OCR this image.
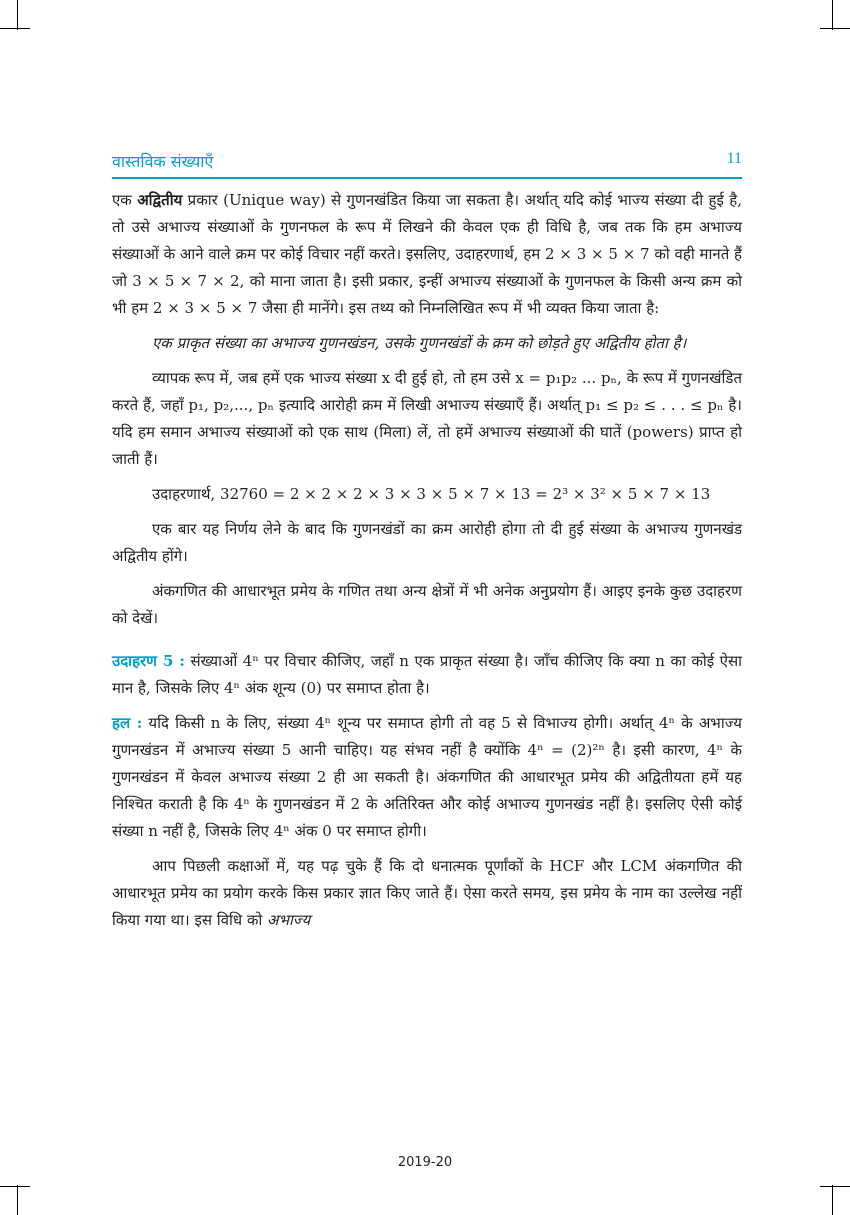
वास्तविक संख्याएँ	11

एक अद्वितीय प्रकार (Unique way) से गुणनखंडित किया जा सकता है। अर्थात् यदि कोई भाज्य संख्या दी हुई है, तो उसे अभाज्य संख्याओं के गुणनफल के रूप में लिखने की केवल एक ही विधि है, जब तक कि हम अभाज्य संख्याओं के आने वाले क्रम पर कोई विचार नहीं करते। इसलिए, उदाहरणार्थ, हम 2 × 3 × 5 × 7 को वही मानते हैं जो 3 × 5 × 7 × 2, को माना जाता है। इसी प्रकार, इन्हीं अभाज्य संख्याओं के गुणनफल के किसी अन्य क्रम को भी हम 2 × 3 × 5 × 7 जैसा ही मानेंगे। इस तथ्य को निम्नलिखित रूप में भी व्यक्त किया जाता है:

एक प्राकृत संख्या का अभाज्य गुणनखंडन, उसके गुणनखंडों के क्रम को छोड़ते हुए अद्वितीय होता है।

व्यापक रूप में, जब हमें एक भाज्य संख्या x दी हुई हो, तो हम उसे x = p₁p₂ ... pₙ, के रूप में गुणनखंडित करते हैं, जहाँ p₁, p₂,..., pₙ इत्यादि आरोही क्रम में लिखी अभाज्य संख्याएँ हैं। अर्थात् p₁ ≤ p₂ ≤ . . . ≤ pₙ है। यदि हम समान अभाज्य संख्याओं को एक साथ (मिला) लें, तो हमें अभाज्य संख्याओं की घातें (powers) प्राप्त हो जाती हैं।

उदाहरणार्थ, 32760 = 2 × 2 × 2 × 3 × 3 × 5 × 7 × 13 = 2³ × 3² × 5 × 7 × 13

एक बार यह निर्णय लेने के बाद कि गुणनखंडों का क्रम आरोही होगा तो दी हुई संख्या के अभाज्य गुणनखंड अद्वितीय होंगे।

अंकगणित की आधारभूत प्रमेय के गणित तथा अन्य क्षेत्रों में भी अनेक अनुप्रयोग हैं। आइए इनके कुछ उदाहरण को देखें।

उदाहरण 5 : संख्याओं 4ⁿ पर विचार कीजिए, जहाँ n एक प्राकृत संख्या है। जाँच कीजिए कि क्या n का कोई ऐसा मान है, जिसके लिए 4ⁿ अंक शून्य (0) पर समाप्त होता है।

हल : यदि किसी n के लिए, संख्या 4ⁿ शून्य पर समाप्त होगी तो वह 5 से विभाज्य होगी। अर्थात् 4ⁿ के अभाज्य गुणनखंडन में अभाज्य संख्या 5 आनी चाहिए। यह संभव नहीं है क्योंकि 4ⁿ = (2)²ⁿ है। इसी कारण, 4ⁿ के गुणनखंडन में केवल अभाज्य संख्या 2 ही आ सकती है। अंकगणित की आधारभूत प्रमेय की अद्वितीयता हमें यह निश्चित कराती है कि 4ⁿ के गुणनखंडन में 2 के अतिरिक्त और कोई अभाज्य गुणनखंड नहीं है। इसलिए ऐसी कोई संख्या n नहीं है, जिसके लिए 4ⁿ अंक 0 पर समाप्त होगी।

आप पिछली कक्षाओं में, यह पढ़ चुके हैं कि दो धनात्मक पूर्णांकों के HCF और LCM अंकगणित की आधारभूत प्रमेय का प्रयोग करके किस प्रकार ज्ञात किए जाते हैं। ऐसा करते समय, इस प्रमेय के नाम का उल्लेख नहीं किया गया था। इस विधि को अभाज्य

2019-20
